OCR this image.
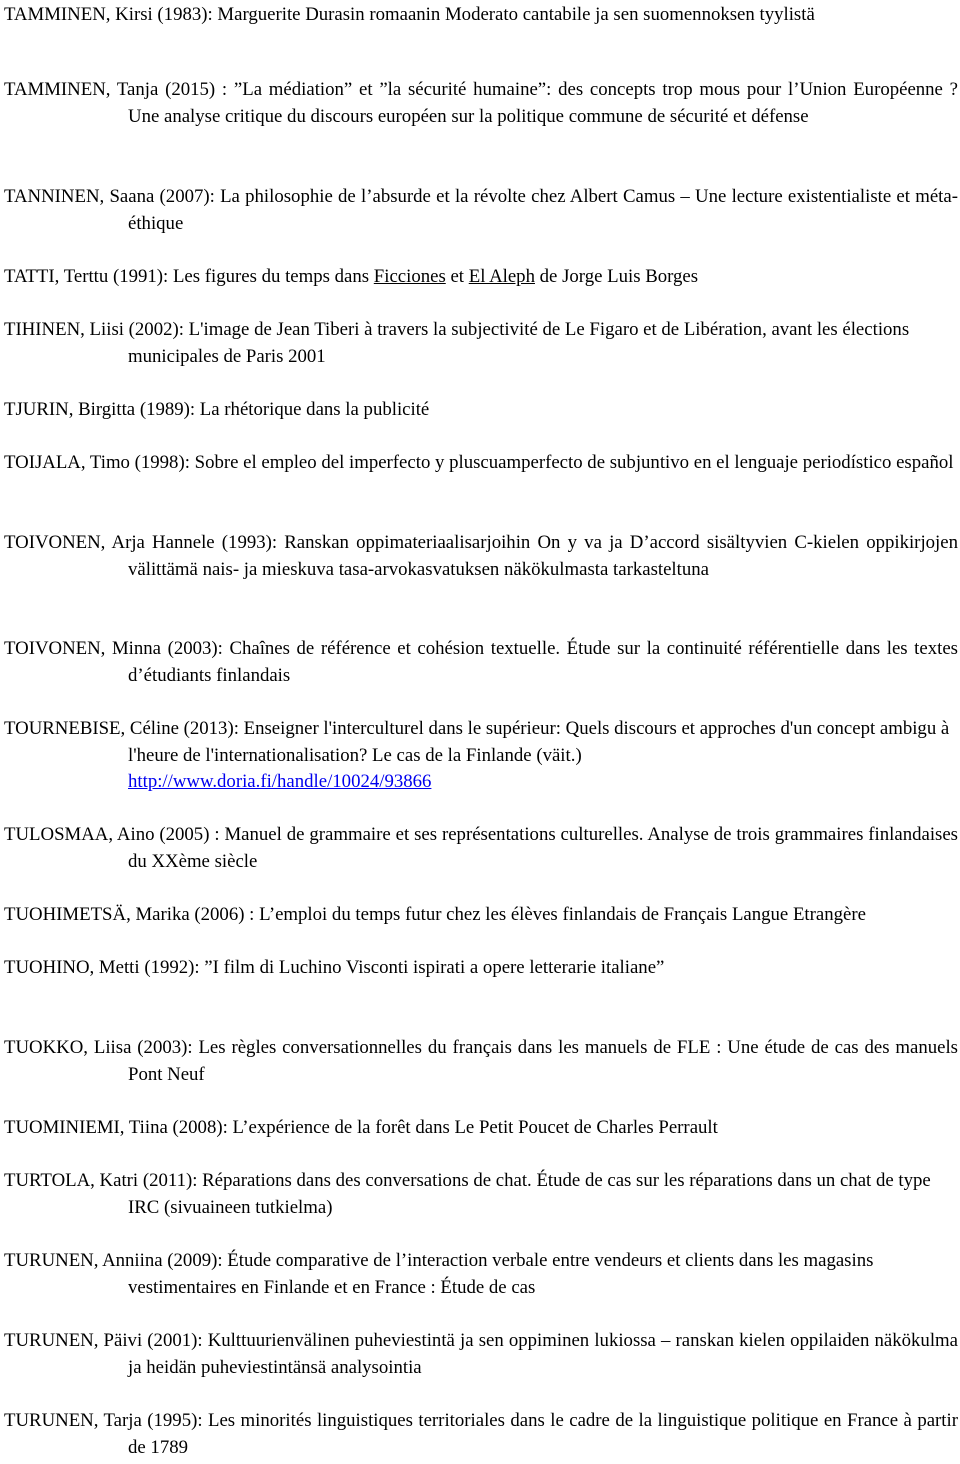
TAMMINEN, Kirsi (1983): Marguerite Durasin romaanin Moderato cantabile ja sen suomennoksen tyylistä

TAMMINEN, Tanja (2015) : ”La médiation” et ”la sécurité humaine”: des concepts trop mous pour l’Union Européenne ? Une analyse critique du discours européen sur la politique commune de sécurité et défense

TANNINEN, Saana (2007): La philosophie de l’absurde et la révolte chez Albert Camus – Une lecture existentialiste et méta-éthique

TATTI, Terttu (1991): Les figures du temps dans Ficciones et El Aleph de Jorge Luis Borges

TIHINEN, Liisi (2002): L'image de Jean Tiberi à travers la subjectivité de Le Figaro et de Libération, avant les élections municipales de Paris 2001

TJURIN, Birgitta (1989): La rhétorique dans la publicité

TOIJALA, Timo (1998): Sobre el empleo del imperfecto y pluscuamperfecto de subjuntivo en el lenguaje periodístico español

TOIVONEN, Arja Hannele (1993): Ranskan oppimateriaalisarjoihin On y va ja D’accord sisältyvien C-kielen oppikirjojen välittämä nais- ja mieskuva tasa-arvokasvatuksen näkökulmasta tarkasteltuna

TOIVONEN, Minna (2003): Chaînes de référence et cohésion textuelle. Étude sur la continuité référentielle dans les textes d’étudiants finlandais

TOURNEBISE, Céline (2013): Enseigner l'interculturel dans le supérieur: Quels discours et approches d'un concept ambigu à l'heure de l'internationalisation? Le cas de la Finlande (väit.)
http://www.doria.fi/handle/10024/93866

TULOSMAA, Aino (2005) : Manuel de grammaire et ses représentations culturelles. Analyse de trois grammaires finlandaises du XXème siècle

TUOHIMETSÄ, Marika (2006) : L’emploi du temps futur chez les élèves finlandais de Français Langue Etrangère

TUOHINO, Metti (1992): ”I film di Luchino Visconti ispirati a opere letterarie italiane”

TUOKKO, Liisa (2003): Les règles conversationnelles du français dans les manuels de FLE : Une étude de cas des manuels Pont Neuf

TUOMINIEMI, Tiina (2008): L’expérience de la forêt dans Le Petit Poucet de Charles Perrault

TURTOLA, Katri (2011): Réparations dans des conversations de chat. Étude de cas sur les réparations dans un chat de type IRC (sivuaineen tutkielma)

TURUNEN, Anniina (2009): Étude comparative de l’interaction verbale entre vendeurs et clients dans les magasins vestimentaires en Finlande et en France : Étude de cas

TURUNEN, Päivi (2001): Kulttuurienvälinen puheviestintä ja sen oppiminen lukiossa – ranskan kielen oppilaiden näkökulma ja heidän puheviestintänsä analysointia

TURUNEN, Tarja (1995): Les minorités linguistiques territoriales dans le cadre de la linguistique politique en France à partir de 1789
